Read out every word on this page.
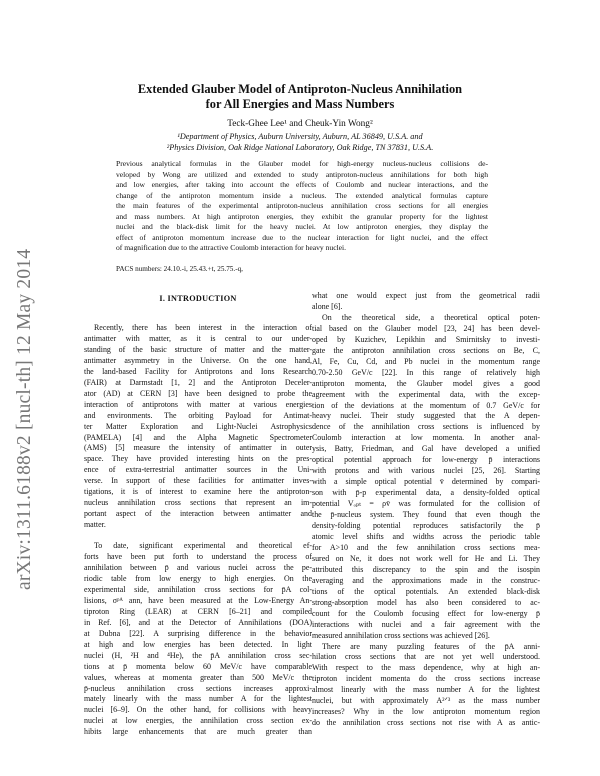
arXiv:1311.6188v2 [nucl-th] 12 May 2014
Extended Glauber Model of Antiproton-Nucleus Annihilation
for All Energies and Mass Numbers
Teck-Ghee Lee¹ and Cheuk-Yin Wong²
¹Department of Physics, Auburn University, Auburn, AL 36849, U.S.A. and
²Physics Division, Oak Ridge National Laboratory, Oak Ridge, TN 37831, U.S.A.
Previous analytical formulas in the Glauber model for high-energy nucleus-nucleus collisions de-
veloped by Wong are utilized and extended to study antiproton-nucleus annihilations for both high
and low energies, after taking into account the effects of Coulomb and nuclear interactions, and the
change of the antiproton momentum inside a nucleus. The extended analytical formulas capture
the main features of the experimental antiproton-nucleus annihilation cross sections for all energies
and mass numbers. At high antiproton energies, they exhibit the granular property for the lightest
nuclei and the black-disk limit for the heavy nuclei. At low antiproton energies, they display the
effect of antiproton momentum increase due to the nuclear interaction for light nuclei, and the effect
of magnification due to the attractive Coulomb interaction for heavy nuclei.
PACS numbers: 24.10.-i, 25.43.+t, 25.75.-q,
I. INTRODUCTION
Recently, there has been interest in the interaction of
antimatter with matter, as it is central to our under-
standing of the basic structure of matter and the matter-
antimatter asymmetry in the Universe. On the one hand,
the land-based Facility for Antiprotons and Ions Research
(FAIR) at Darmstadt [1, 2] and the Antiproton Deceler-
ator (AD) at CERN [3] have been designed to probe the
interaction of antiprotons with matter at various energies
and environments. The orbiting Payload for Antimat-
ter Matter Exploration and Light-Nuclei Astrophysics
(PAMELA) [4] and the Alpha Magnetic Spectrometer
(AMS) [5] measure the intensity of antimatter in outer
space. They have provided interesting hints on the pres-
ence of extra-terrestrial antimatter sources in the Uni-
verse. In support of these facilities for antimatter inves-
tigations, it is of interest to examine here the antiproton-
nucleus annihilation cross sections that represent an im-
portant aspect of the interaction between antimatter and
matter.
To date, significant experimental and theoretical ef-
forts have been put forth to understand the process of
annihilation between p̄ and various nuclei across the pe-
riodic table from low energy to high energies. On the
experimental side, annihilation cross sections for p̄A col-
lisions, σᵖᴬ ann, have been measured at the Low-Energy An-
tiproton Ring (LEAR) at CERN [6–21] and compiled
in Ref. [6], and at the Detector of Annihilations (DOA)
at Dubna [22]. A surprising difference in the behavior
at high and low energies has been detected. In light
nuclei (H, ²H and ⁴He), the p̄A annihilation cross sec-
tions at p̄ momenta below 60 MeV/c have comparable
values, whereas at momenta greater than 500 MeV/c the
p̄-nucleus annihilation cross sections increases approxi-
mately linearly with the mass number A for the lightest
nuclei [6–9]. On the other hand, for collisions with heavy
nuclei at low energies, the annihilation cross section ex-
hibits large enhancements that are much greater than
what one would expect just from the geometrical radii
alone [6].
On the theoretical side, a theoretical optical poten-
tial based on the Glauber model [23, 24] has been devel-
oped by Kuzichev, Lepikhin and Smirnitsky to investi-
gate the antiproton annihilation cross sections on Be, C,
Al, Fe, Cu, Cd, and Pb nuclei in the momentum range
0.70-2.50 GeV/c [22]. In this range of relatively high
antiproton momenta, the Glauber model gives a good
agreement with the experimental data, with the excep-
tion of the deviations at the momentum of 0.7 GeV/c for
heavy nuclei. Their study suggested that the A depen-
dence of the annihilation cross sections is influenced by
Coulomb interaction at low momenta. In another anal-
ysis, Batty, Friedman, and Gal have developed a unified
optical potential approach for low-energy p̄ interactions
with protons and with various nuclei [25, 26]. Starting
with a simple optical potential v̄ determined by compari-
son with p̄-p experimental data, a density-folded optical
potential Vₒₚₜ = ρv̄ was formulated for the collision of
the p̄-nucleus system. They found that even though the
density-folding potential reproduces satisfactorily the p̄
atomic level shifts and widths across the periodic table
for A>10 and the few annihilation cross sections mea-
sured on Ne, it does not work well for He and Li. They
attributed this discrepancy to the spin and the isospin
averaging and the approximations made in the construc-
tions of the optical potentials. An extended black-disk
strong-absorption model has also been considered to ac-
count for the Coulomb focusing effect for low-energy p̄
interactions with nuclei and a fair agreement with the
measured annihilation cross sections was achieved [26].
There are many puzzling features of the p̄A anni-
hilation cross sections that are not yet well understood.
With respect to the mass dependence, why at high an-
tiproton incident momenta do the cross sections increase
almost linearly with the mass number A for the lightest
nuclei, but with approximately A²ᐟ³ as the mass number
increases? Why in the low antiproton momentum region
do the annihilation cross sections not rise with A as antic-
